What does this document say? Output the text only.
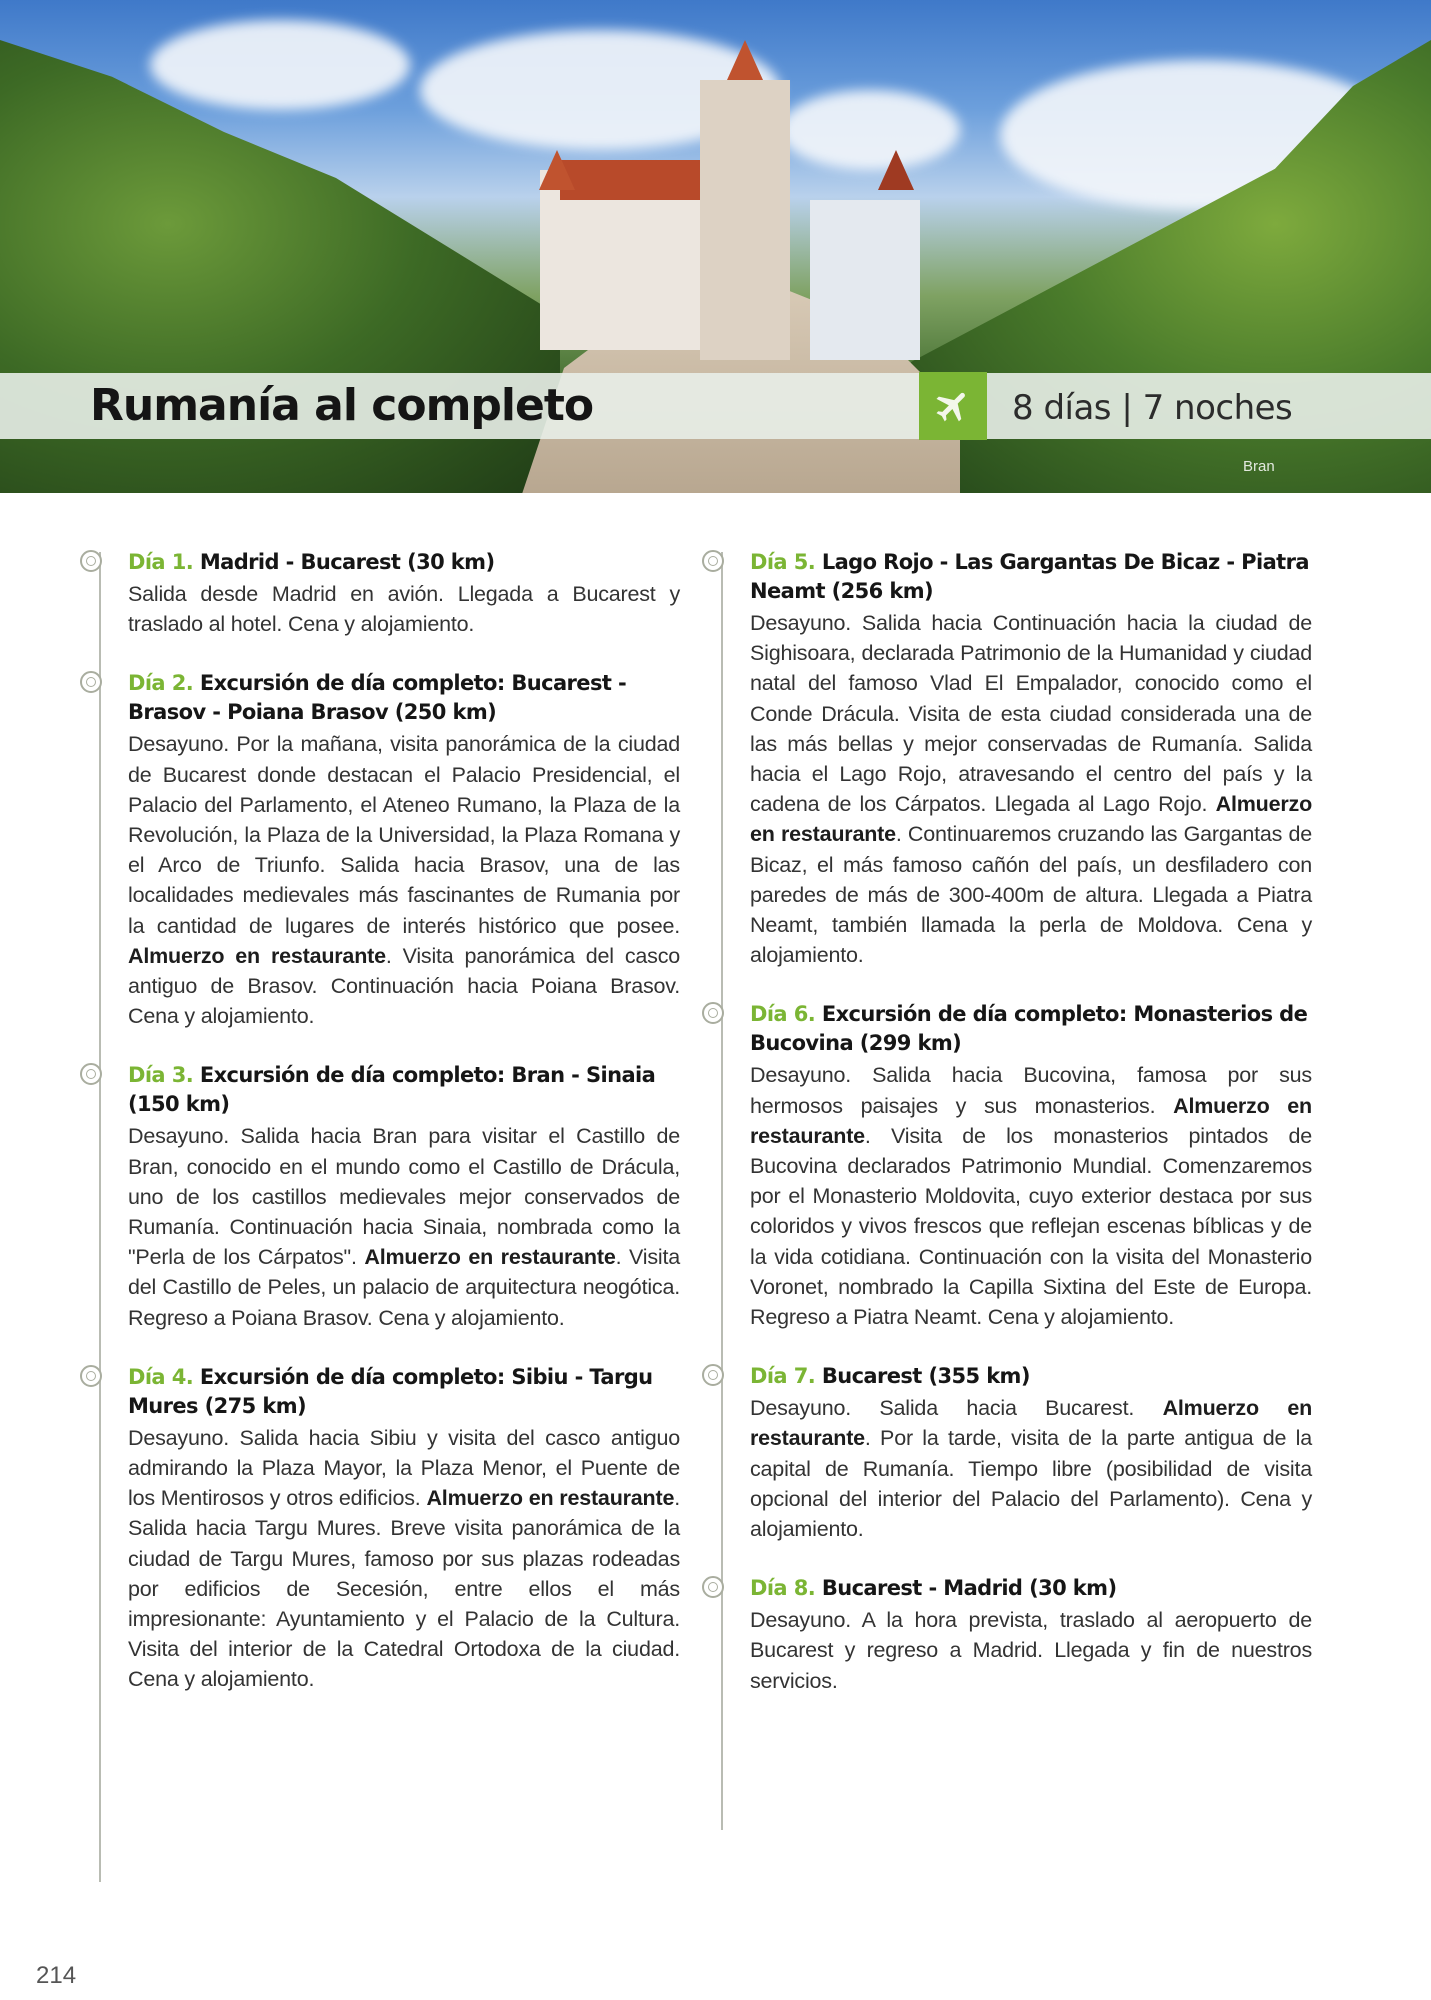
Bran
Rumanía al completo	8 días | 7 noches
Día 1. Madrid - Bucarest (30 km)
Salida desde Madrid en avión. Llegada a Bucarest y traslado al hotel. Cena y alojamiento.
Día 2. Excursión de día completo: Bucarest - Brasov - Poiana Brasov (250 km)
Desayuno. Por la mañana, visita panorámica de la ciudad de Bucarest donde destacan el Palacio Presidencial, el Palacio del Parlamento, el Ateneo Rumano, la Plaza de la Revolución, la Plaza de la Universidad, la Plaza Romana y el Arco de Triunfo. Salida hacia Brasov, una de las localidades medievales más fascinantes de Rumania por la cantidad de lugares de interés histórico que posee. Almuerzo en restaurante. Visita panorámica del casco antiguo de Brasov. Continuación hacia Poiana Brasov. Cena y alojamiento.
Día 3. Excursión de día completo: Bran - Sinaia (150 km)
Desayuno. Salida hacia Bran para visitar el Castillo de Bran, conocido en el mundo como el Castillo de Drácula, uno de los castillos medievales mejor conservados de Rumanía. Continuación hacia Sinaia, nombrada como la "Perla de los Cárpatos". Almuerzo en restaurante. Visita del Castillo de Peles, un palacio de arquitectura neogótica. Regreso a Poiana Brasov. Cena y alojamiento.
Día 4. Excursión de día completo: Sibiu - Targu Mures (275 km)
Desayuno. Salida hacia Sibiu y visita del casco antiguo admirando la Plaza Mayor, la Plaza Menor, el Puente de los Mentirosos y otros edificios. Almuerzo en restaurante. Salida hacia Targu Mures. Breve visita panorámica de la ciudad de Targu Mures, famoso por sus plazas rodeadas por edificios de Secesión, entre ellos el más impresionante: Ayuntamiento y el Palacio de la Cultura. Visita del interior de la Catedral Ortodoxa de la ciudad. Cena y alojamiento.
Día 5. Lago Rojo - Las Gargantas De Bicaz - Piatra Neamt (256 km)
Desayuno. Salida hacia Continuación hacia la ciudad de Sighisoara, declarada Patrimonio de la Humanidad y ciudad natal del famoso Vlad El Empalador, conocido como el Conde Drácula. Visita de esta ciudad considerada una de las más bellas y mejor conservadas de Rumanía. Salida hacia el Lago Rojo, atravesando el centro del país y la cadena de los Cárpatos. Llegada al Lago Rojo. Almuerzo en restaurante. Continuaremos cruzando las Gargantas de Bicaz, el más famoso cañón del país, un desfiladero con paredes de más de 300-400m de altura. Llegada a Piatra Neamt, también llamada la perla de Moldova. Cena y alojamiento.
Día 6. Excursión de día completo: Monasterios de Bucovina (299 km)
Desayuno. Salida hacia Bucovina, famosa por sus hermosos paisajes y sus monasterios. Almuerzo en restaurante. Visita de los monasterios pintados de Bucovina declarados Patrimonio Mundial. Comenzaremos por el Monasterio Moldovita, cuyo exterior destaca por sus coloridos y vivos frescos que reflejan escenas bíblicas y de la vida cotidiana. Continuación con la visita del Monasterio Voronet, nombrado la Capilla Sixtina del Este de Europa. Regreso a Piatra Neamt. Cena y alojamiento.
Día 7. Bucarest (355 km)
Desayuno. Salida hacia Bucarest. Almuerzo en restaurante. Por la tarde, visita de la parte antigua de la capital de Rumanía. Tiempo libre (posibilidad de visita opcional del interior del Palacio del Parlamento). Cena y alojamiento.
Día 8. Bucarest - Madrid (30 km)
Desayuno. A la hora prevista, traslado al aeropuerto de Bucarest y regreso a Madrid. Llegada y fin de nuestros servicios.
214
